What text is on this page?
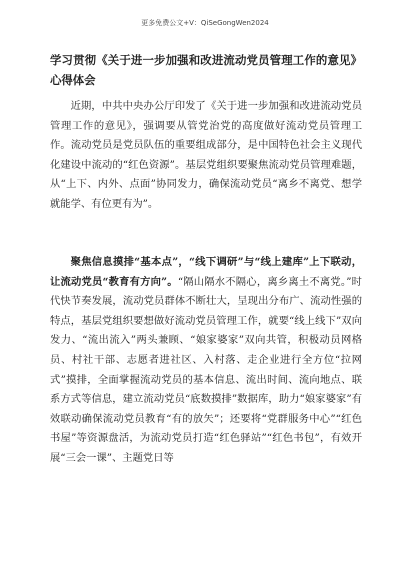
更多免费公文+V：QiSeGongWen2024
学习贯彻《关于进一步加强和改进流动党员管理工作的意见》心得体会

近期，中共中央办公厅印发了《关于进一步加强和改进流动党员管理工作的意见》，强调要从管党治党的高度做好流动党员管理工作。流动党员是党员队伍的重要组成部分，是中国特色社会主义现代化建设中流动的“红色资源”。基层党组织要聚焦流动党员管理难题，从“上下、内外、点面”协同发力，确保流动党员“离乡不离党、想学就能学、有位更有为”。

聚焦信息摸排“基本点”，“线下调研”与“线上建库”上下联动，让流动党员“教育有方向”。“隔山隔水不隔心，离乡离土不离党。”时代快节奏发展，流动党员群体不断壮大，呈现出分布广、流动性强的特点，基层党组织要想做好流动党员管理工作，就要“线上线下”双向发力、“流出流入”两头兼顾、“娘家婆家”双向共管，积极动员网格员、村社干部、志愿者进社区、入村落、走企业进行全方位“拉网式”摸排，全面掌握流动党员的基本信息、流出时间、流向地点、联系方式等信息，建立流动党员“底数摸排”数据库，助力“娘家婆家”有效联动确保流动党员教育“有的放矢”；还要将“党群服务中心”“红色书屋”等资源盘活，为流动党员打造“红色驿站”“红色书包”，有效开展“三会一课”、主题党日等
